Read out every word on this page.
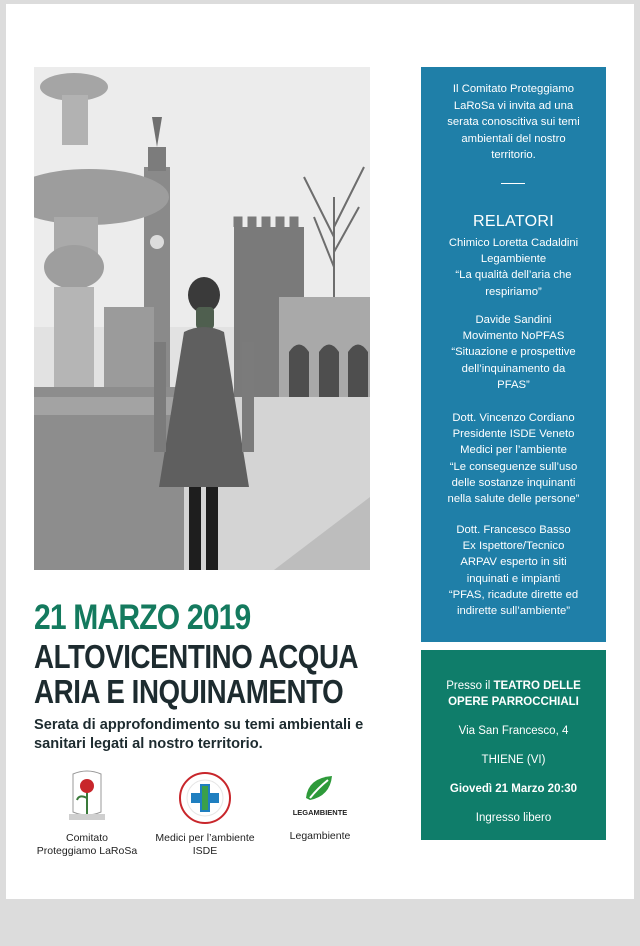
Il Comitato Proteggiamo
LaRoSa vi invita ad una
serata conoscitiva sui temi
ambientali del nostro
territorio.
RELATORI
Chimico Loretta Cadaldini
Legambiente
“La qualità dell’aria che
respiriamo”
Davide Sandini
Movimento NoPFAS
“Situazione e prospettive
dell’inquinamento da
PFAS”
Dott. Vincenzo Cordiano
Presidente ISDE Veneto
Medici per l’ambiente
“Le conseguenze sull’uso
delle sostanze inquinanti
nella salute delle persone”
Dott. Francesco Basso
Ex Ispettore/Tecnico
ARPAV esperto in siti
inquinati e impianti
“PFAS, ricadute dirette ed
indirette sull’ambiente”
Presso il TEATRO DELLE
OPERE PARROCCHIALI
Via San Francesco, 4
THIENE (VI)
Giovedì 21 Marzo 20:30
Ingresso libero
21 MARZO 2019
ALTOVICENTINO ACQUA
ARIA E INQUINAMENTO
Serata di approfondimento su temi ambientali e sanitari legati al nostro territorio.
Comitato
Proteggiamo LaRoSa
Medici per l’ambiente
ISDE
LEGAMBIENTE
Legambiente
